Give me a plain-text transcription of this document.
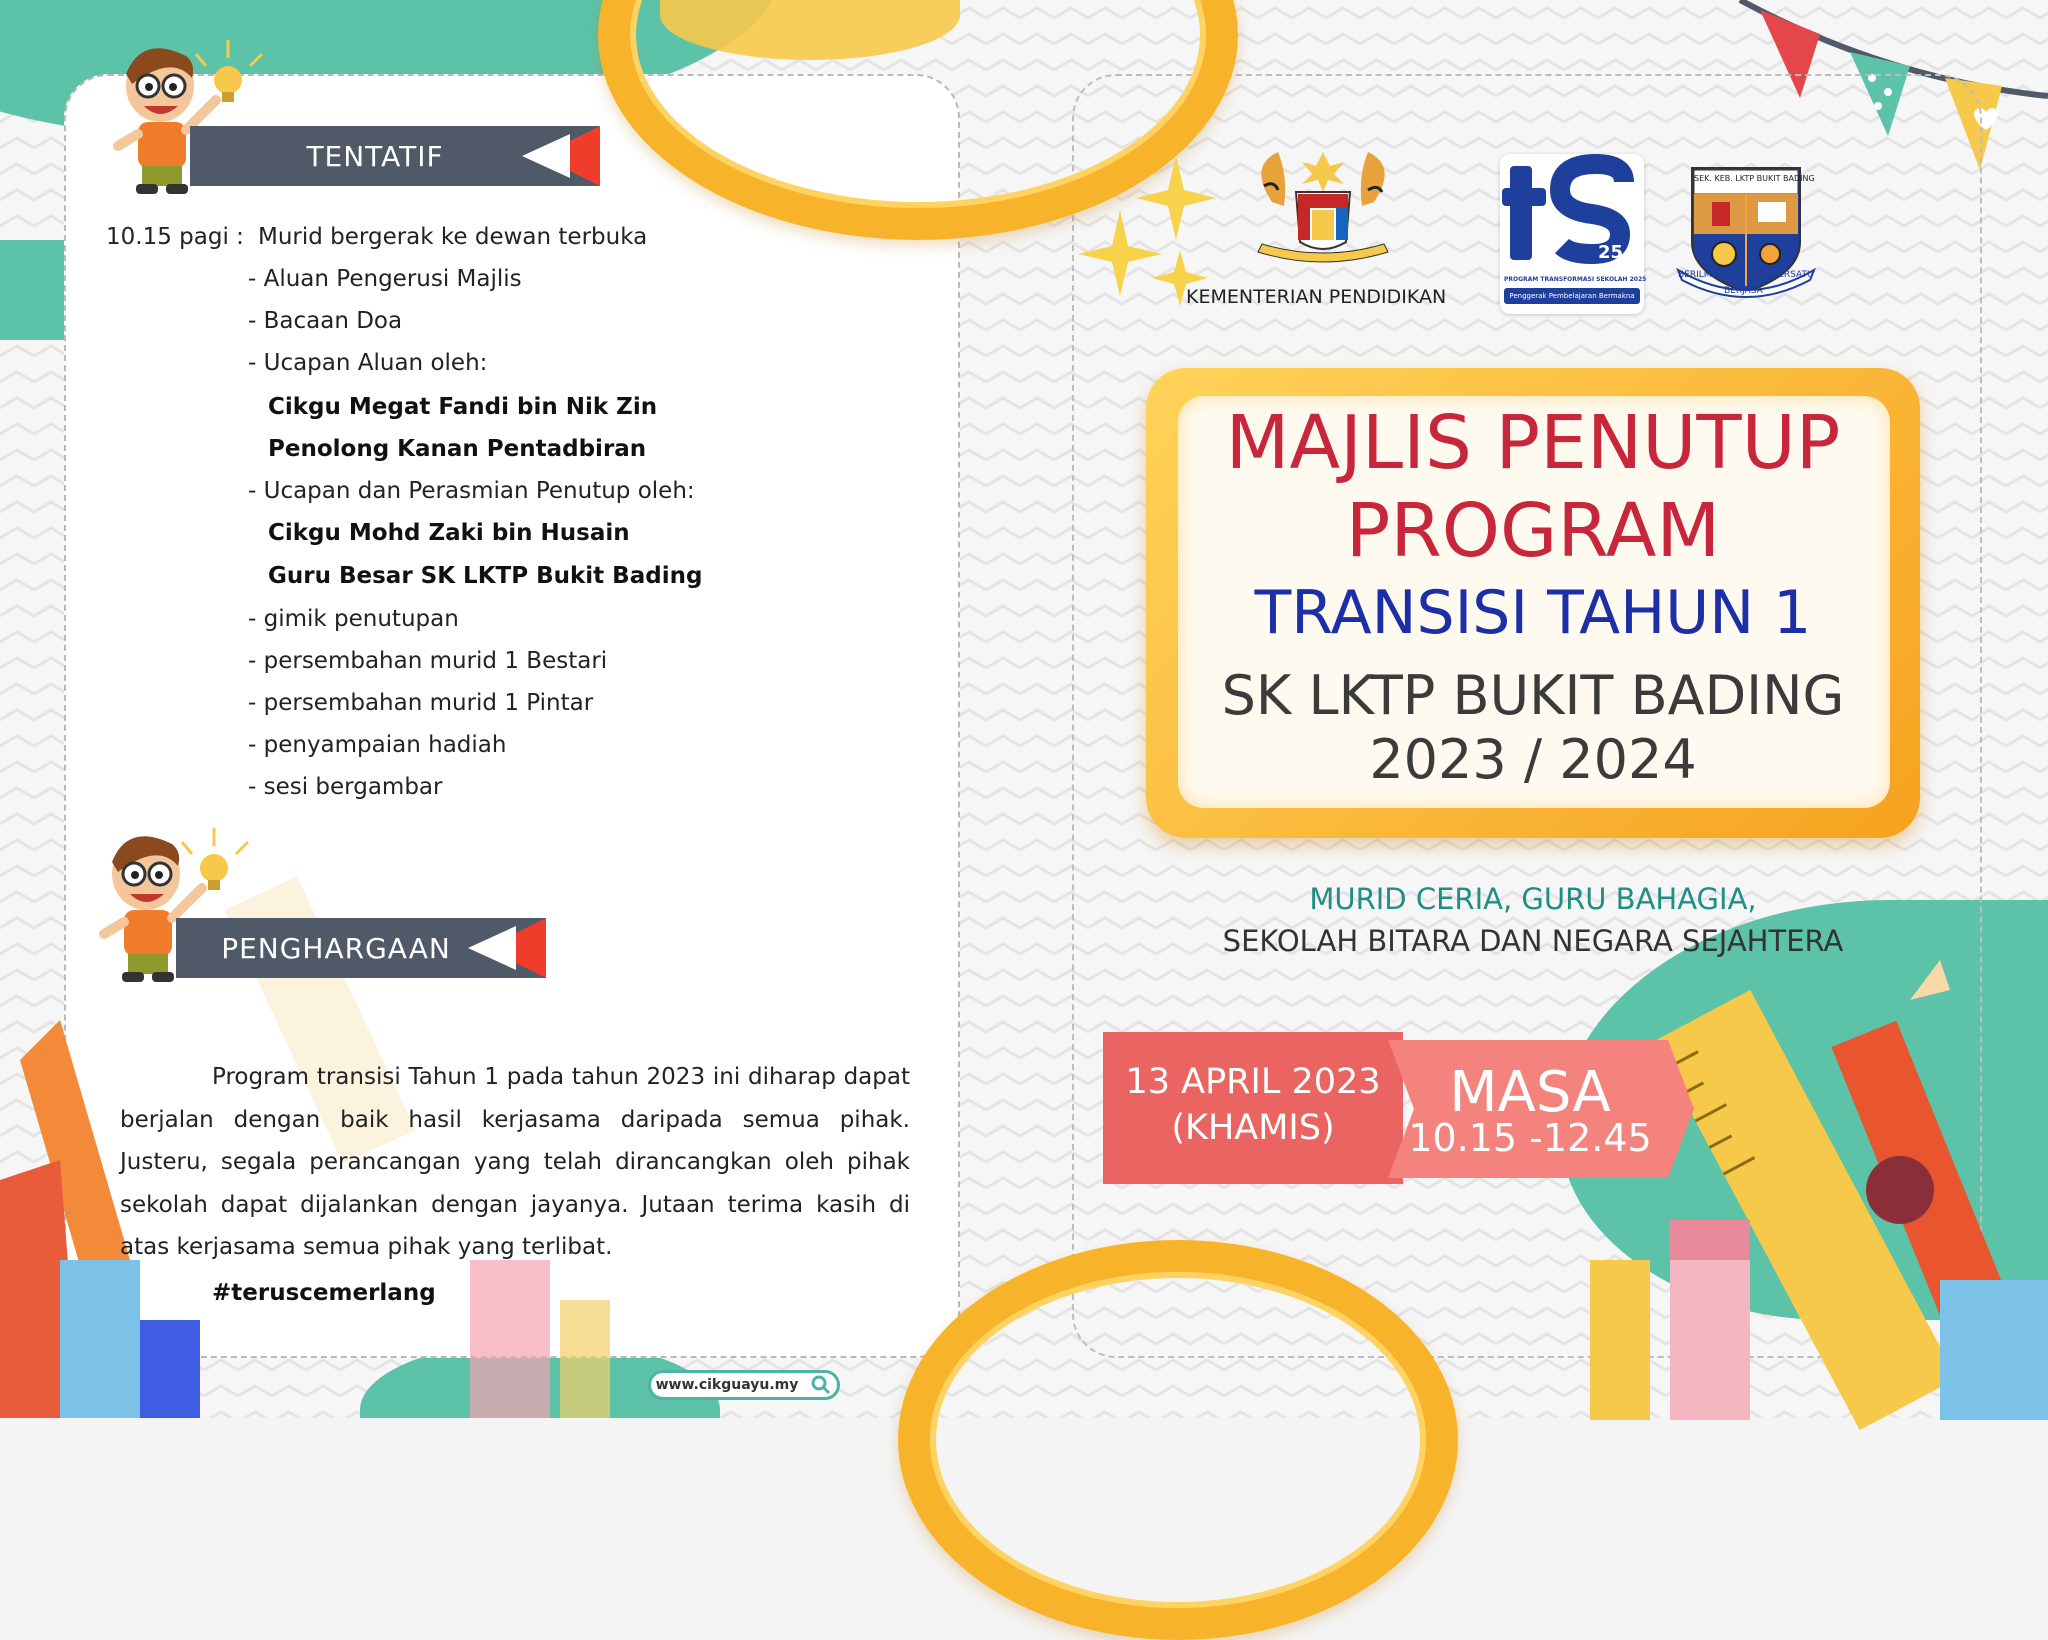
TENTATIF
10.15 pagi : Murid bergerak ke dewan terbuka
- Aluan Pengerusi Majlis
- Bacaan Doa
- Ucapan Aluan oleh:
Cikgu Megat Fandi bin Nik Zin
Penolong Kanan Pentadbiran
- Ucapan dan Perasmian Penutup oleh:
Cikgu Mohd Zaki bin Husain
Guru Besar SK LKTP Bukit Bading
- gimik penutupan
- persembahan murid 1 Bestari
- persembahan murid 1 Pintar
- penyampaian hadiah
- sesi bergambar
PENGHARGAAN
Program transisi Tahun 1 pada tahun 2023 ini diharap dapat berjalan dengan baik hasil kerjasama daripada semua pihak. Justeru, segala perancangan yang telah dirancangkan oleh pihak sekolah dapat dijalankan dengan jayanya. Jutaan terima kasih di atas kerjasama semua pihak yang terlibat.
#teruscemerlang
www.cikguayu.my
KEMENTERIAN PENDIDIKAN
25
PROGRAM TRANSFORMASI SEKOLAH 2025
Penggerak Pembelajaran Bermakna
SEK. KEB. LKTP BUKIT BADING
BERILMU
BERJASA
BERSATU
MAJLIS PENUTUP
PROGRAM
TRANSISI TAHUN 1
SK LKTP BUKIT BADING
2023 / 2024
MURID CERIA, GURU BAHAGIA,
SEKOLAH BITARA DAN NEGARA SEJAHTERA
13 APRIL 2023
(KHAMIS)
MASA
10.15 -12.45
